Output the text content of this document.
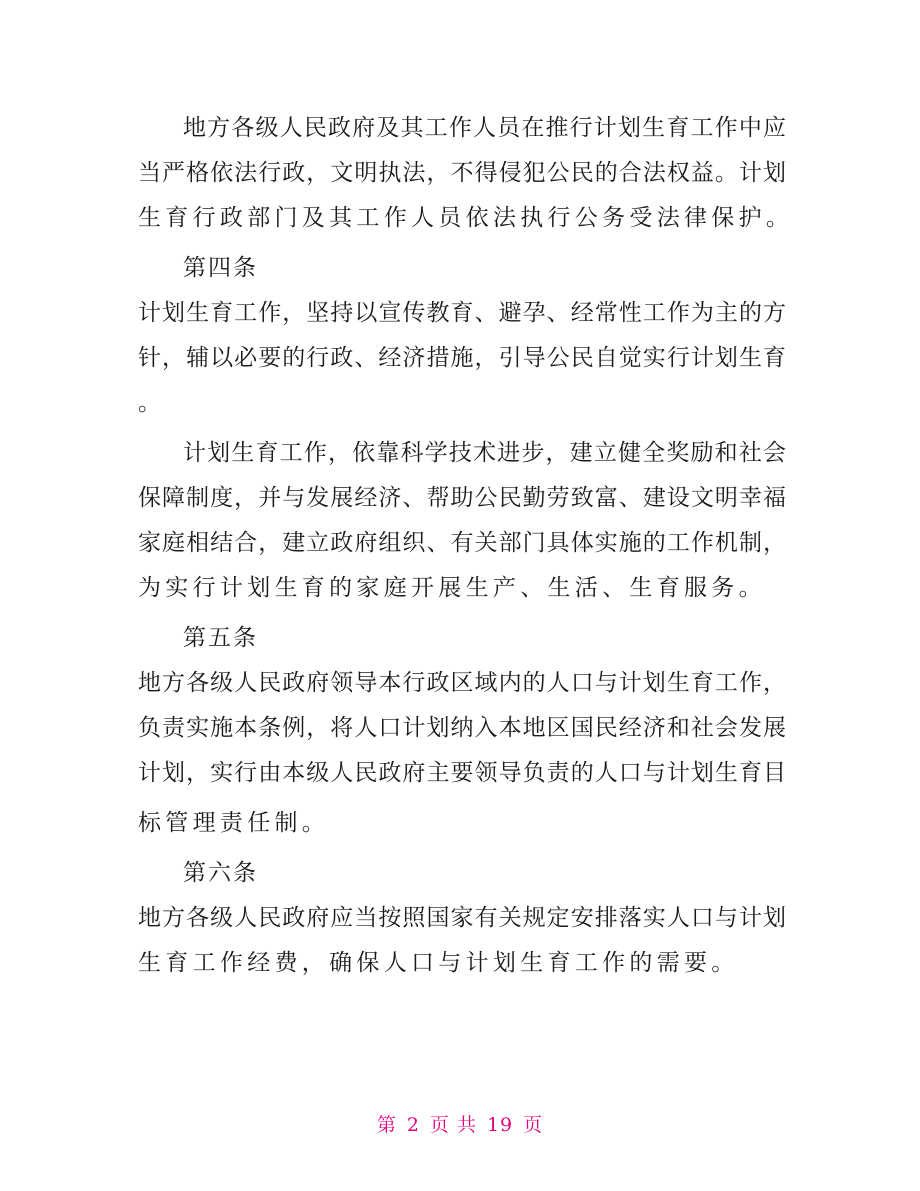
地方各级人民政府及其工作人员在推行计划生育工作中应
当严格依法行政，文明执法，不得侵犯公民的合法权益。计划
生育行政部门及其工作人员依法执行公务受法律保护。
第四条
计划生育工作，坚持以宣传教育、避孕、经常性工作为主的方
针，辅以必要的行政、经济措施，引导公民自觉实行计划生育
。
计划生育工作，依靠科学技术进步，建立健全奖励和社会
保障制度，并与发展经济、帮助公民勤劳致富、建设文明幸福
家庭相结合，建立政府组织、有关部门具体实施的工作机制，
为实行计划生育的家庭开展生产、生活、生育服务。
第五条
地方各级人民政府领导本行政区域内的人口与计划生育工作，
负责实施本条例，将人口计划纳入本地区国民经济和社会发展
计划，实行由本级人民政府主要领导负责的人口与计划生育目
标管理责任制。
第六条
地方各级人民政府应当按照国家有关规定安排落实人口与计划
生育工作经费，确保人口与计划生育工作的需要。
第 2 页 共 19 页
